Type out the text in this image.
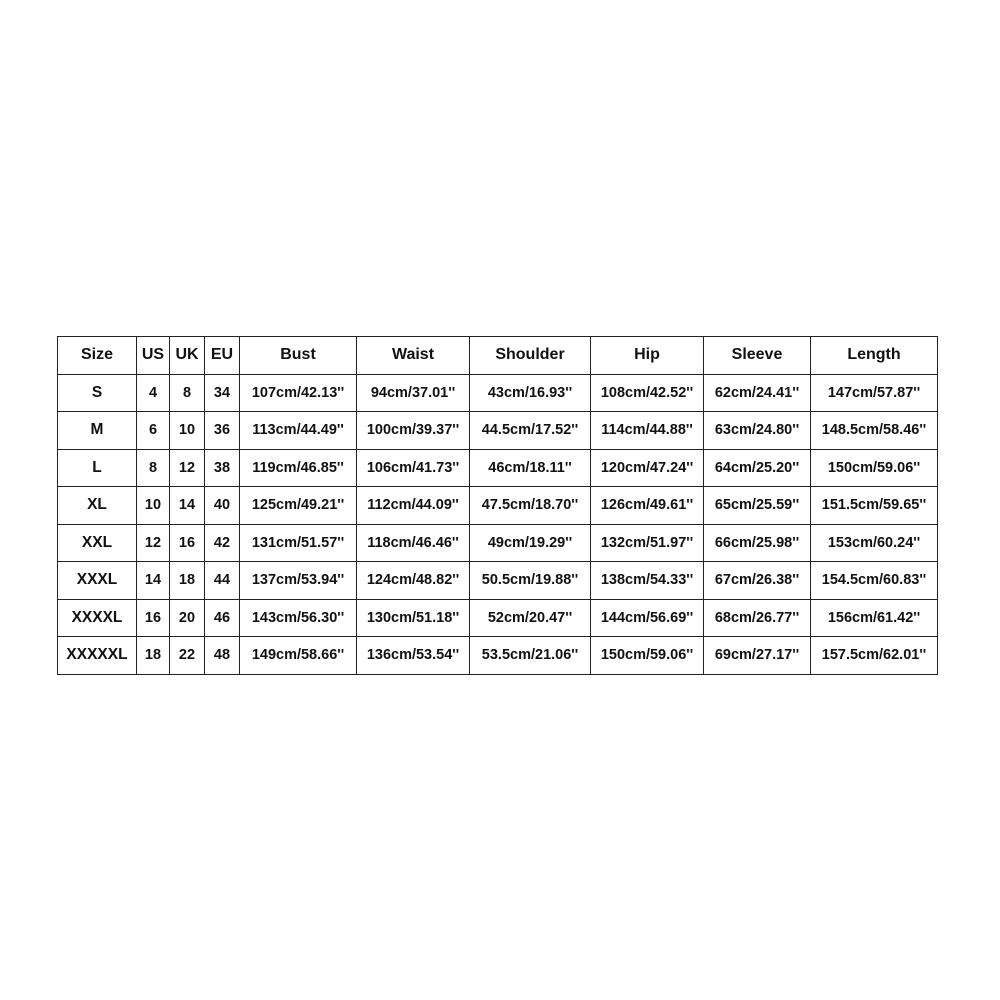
Size	US	UK	EU	Bust	Waist	Shoulder	Hip	Sleeve	Length
S	4	8	34	107cm/42.13''	94cm/37.01''	43cm/16.93''	108cm/42.52''	62cm/24.41''	147cm/57.87''
M	6	10	36	113cm/44.49''	100cm/39.37''	44.5cm/17.52''	114cm/44.88''	63cm/24.80''	148.5cm/58.46''
L	8	12	38	119cm/46.85''	106cm/41.73''	46cm/18.11''	120cm/47.24''	64cm/25.20''	150cm/59.06''
XL	10	14	40	125cm/49.21''	112cm/44.09''	47.5cm/18.70''	126cm/49.61''	65cm/25.59''	151.5cm/59.65''
XXL	12	16	42	131cm/51.57''	118cm/46.46''	49cm/19.29''	132cm/51.97''	66cm/25.98''	153cm/60.24''
XXXL	14	18	44	137cm/53.94''	124cm/48.82''	50.5cm/19.88''	138cm/54.33''	67cm/26.38''	154.5cm/60.83''
XXXXL	16	20	46	143cm/56.30''	130cm/51.18''	52cm/20.47''	144cm/56.69''	68cm/26.77''	156cm/61.42''
XXXXXL	18	22	48	149cm/58.66''	136cm/53.54''	53.5cm/21.06''	150cm/59.06''	69cm/27.17''	157.5cm/62.01''
